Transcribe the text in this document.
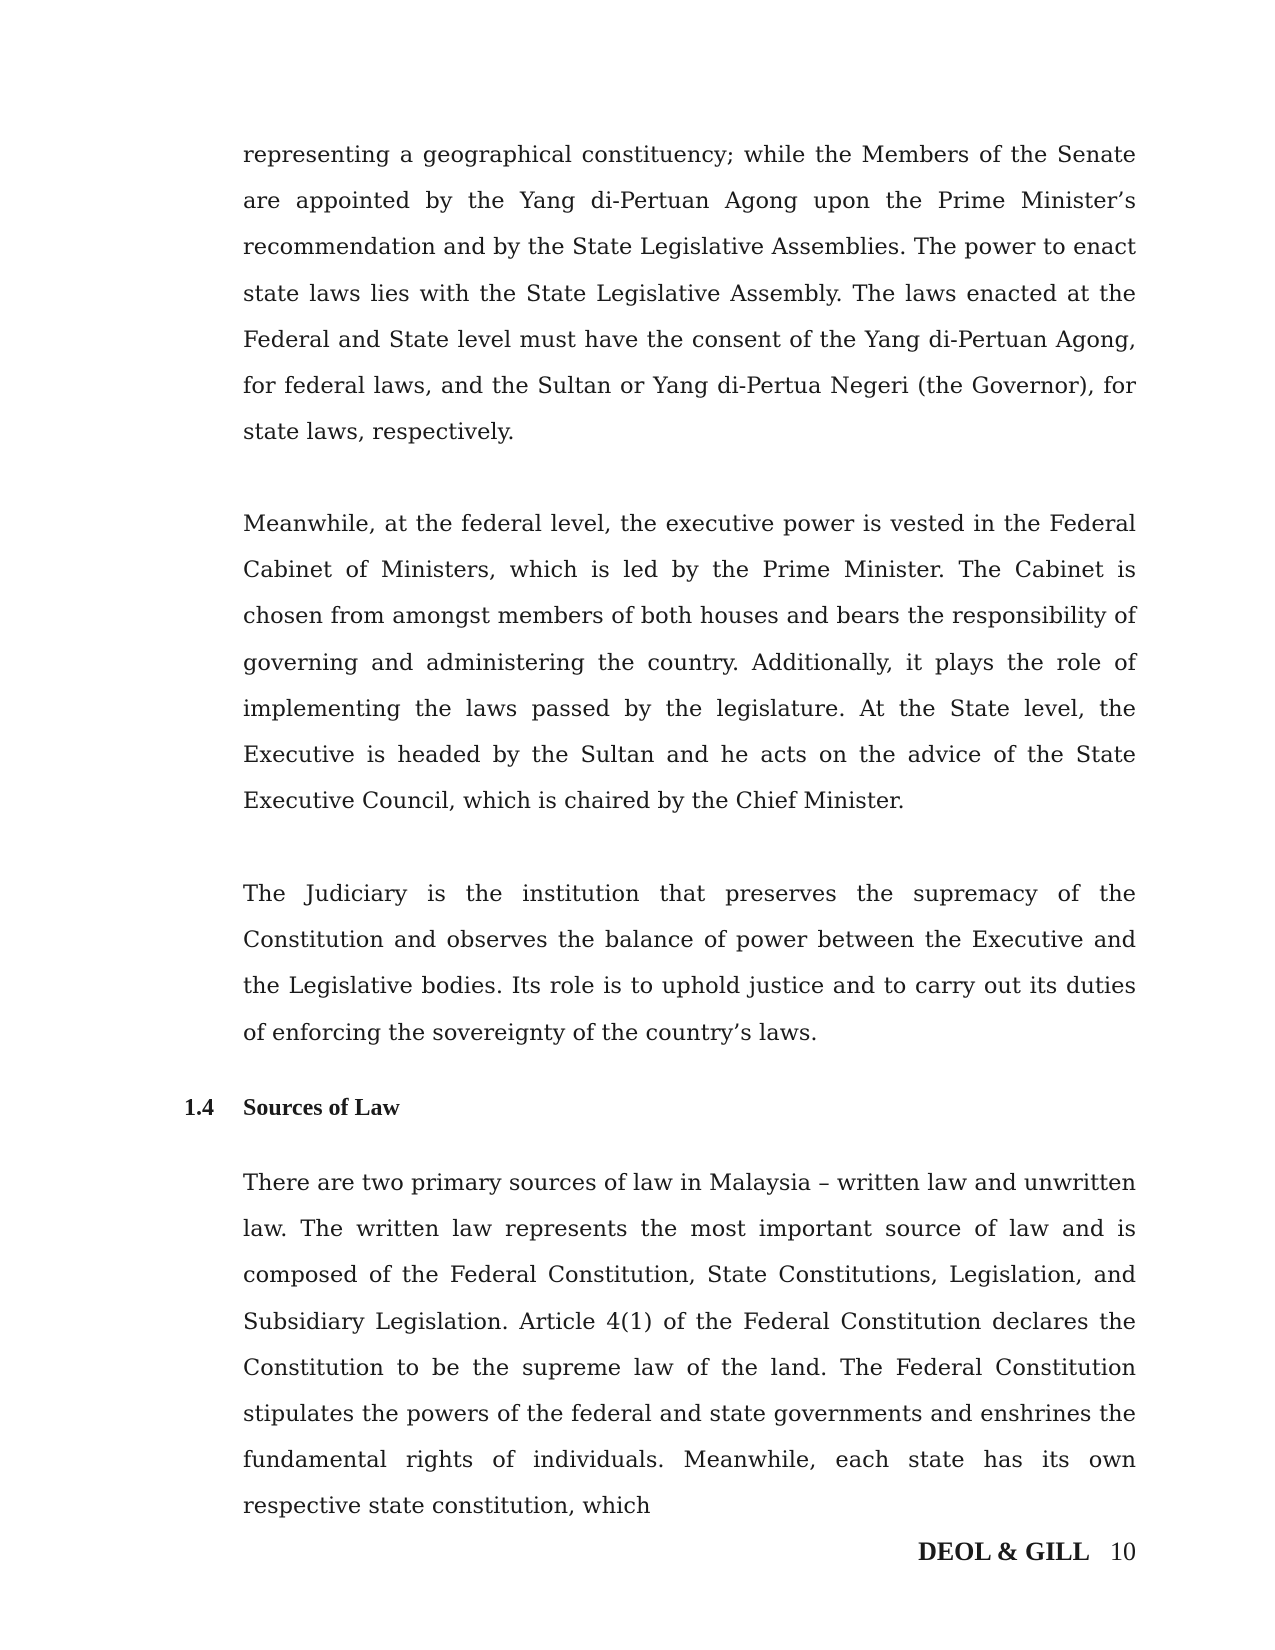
representing a geographical constituency; while the Members of the Senate are appointed by the Yang di-Pertuan Agong upon the Prime Minister’s recommendation and by the State Legislative Assemblies. The power to enact state laws lies with the State Legislative Assembly. The laws enacted at the Federal and State level must have the consent of the Yang di-Pertuan Agong, for federal laws, and the Sultan or Yang di-Pertua Negeri (the Governor), for state laws, respectively.

Meanwhile, at the federal level, the executive power is vested in the Federal Cabinet of Ministers, which is led by the Prime Minister. The Cabinet is chosen from amongst members of both houses and bears the responsibility of governing and administering the country. Additionally, it plays the role of implementing the laws passed by the legislature. At the State level, the Executive is headed by the Sultan and he acts on the advice of the State Executive Council, which is chaired by the Chief Minister.

The Judiciary is the institution that preserves the supremacy of the Constitution and observes the balance of power between the Executive and the Legislative bodies. Its role is to uphold justice and to carry out its duties of enforcing the sovereignty of the country’s laws.

1.4 Sources of Law

There are two primary sources of law in Malaysia – written law and unwritten law. The written law represents the most important source of law and is composed of the Federal Constitution, State Constitutions, Legislation, and Subsidiary Legislation. Article 4(1) of the Federal Constitution declares the Constitution to be the supreme law of the land. The Federal Constitution stipulates the powers of the federal and state governments and enshrines the fundamental rights of individuals. Meanwhile, each state has its own respective state constitution, which

DEOL & GILL 10
